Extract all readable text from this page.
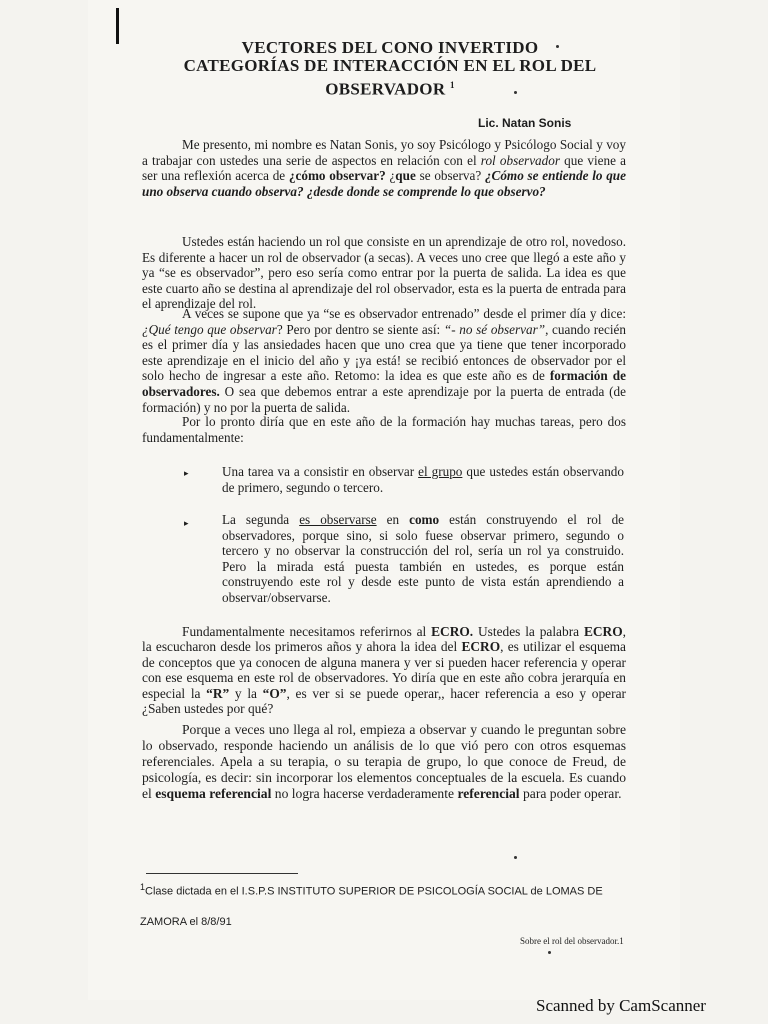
VECTORES DEL CONO INVERTIDO
CATEGORÍAS DE INTERACCIÓN EN EL ROL DEL
OBSERVADOR $^1$
Lic. Natan Sonis

Me presento, mi nombre es Natan Sonis, yo soy Psicólogo y Psicólogo Social y voy a trabajar con ustedes una serie de aspectos en relación con el rol observador que viene a ser una reflexión acerca de ¿cómo observar? ¿que se observa? ¿Cómo se entiende lo que uno observa cuando observa? ¿desde donde se comprende lo que observo?

Ustedes están haciendo un rol que consiste en un aprendizaje de otro rol, novedoso. Es diferente a hacer un rol de observador (a secas). A veces uno cree que llegó a este año y ya “se es observador”, pero eso sería como entrar por la puerta de salida. La idea es que este cuarto año se destina al aprendizaje del rol observador, esta es la puerta de entrada para el aprendizaje del rol.

A veces se supone que ya “se es observador entrenado” desde el primer día y dice: ¿Qué tengo que observar? Pero por dentro se siente así: “- no sé observar”, cuando recién es el primer día y las ansiedades hacen que uno crea que ya tiene que tener incorporado este aprendizaje en el inicio del año y ¡ya está! se recibió entonces de observador por el solo hecho de ingresar a este año. Retomo: la idea es que este año es de formación de observadores. O sea que debemos entrar a este aprendizaje por la puerta de entrada (de formación) y no por la puerta de salida.

Por lo pronto diría que en este año de la formación hay muchas tareas, pero dos fundamentalmente:

▸	Una tarea va a consistir en observar el grupo que ustedes están observando de primero, segundo o tercero.

▸	La segunda es observarse en como están construyendo el rol de observadores, porque sino, si solo fuese observar primero, segundo o tercero y no observar la construcción del rol, sería un rol ya construido. Pero la mirada está puesta también en ustedes, es porque están construyendo este rol y desde este punto de vista están aprendiendo a observar/observarse.

Fundamentalmente necesitamos referirnos al ECRO. Ustedes la palabra ECRO, la escucharon desde los primeros años y ahora la idea del ECRO, es utilizar el esquema de conceptos que ya conocen de alguna manera y ver si pueden hacer referencia y operar con ese esquema en este rol de observadores. Yo diría que en este año cobra jerarquía en especial la “R” y la “O”, es ver si se puede operar,, hacer referencia a eso y operar ¿Saben ustedes por qué?

Porque a veces uno llega al rol, empieza a observar y cuando le preguntan sobre lo observado, responde haciendo un análisis de lo que vió pero con otros esquemas referenciales. Apela a su terapia, o su terapia de grupo, lo que conoce de Freud, de psicología, es decir: sin incorporar los elementos conceptuales de la escuela. Es cuando el esquema referencial no logra hacerse verdaderamente referencial para poder operar.

$^1$Clase dictada en el I.S.P.S INSTITUTO SUPERIOR DE PSICOLOGÍA SOCIAL de LOMAS DE
ZAMORA el 8/8/91
Sobre el rol del observador.1
Scanned by CamScanner
